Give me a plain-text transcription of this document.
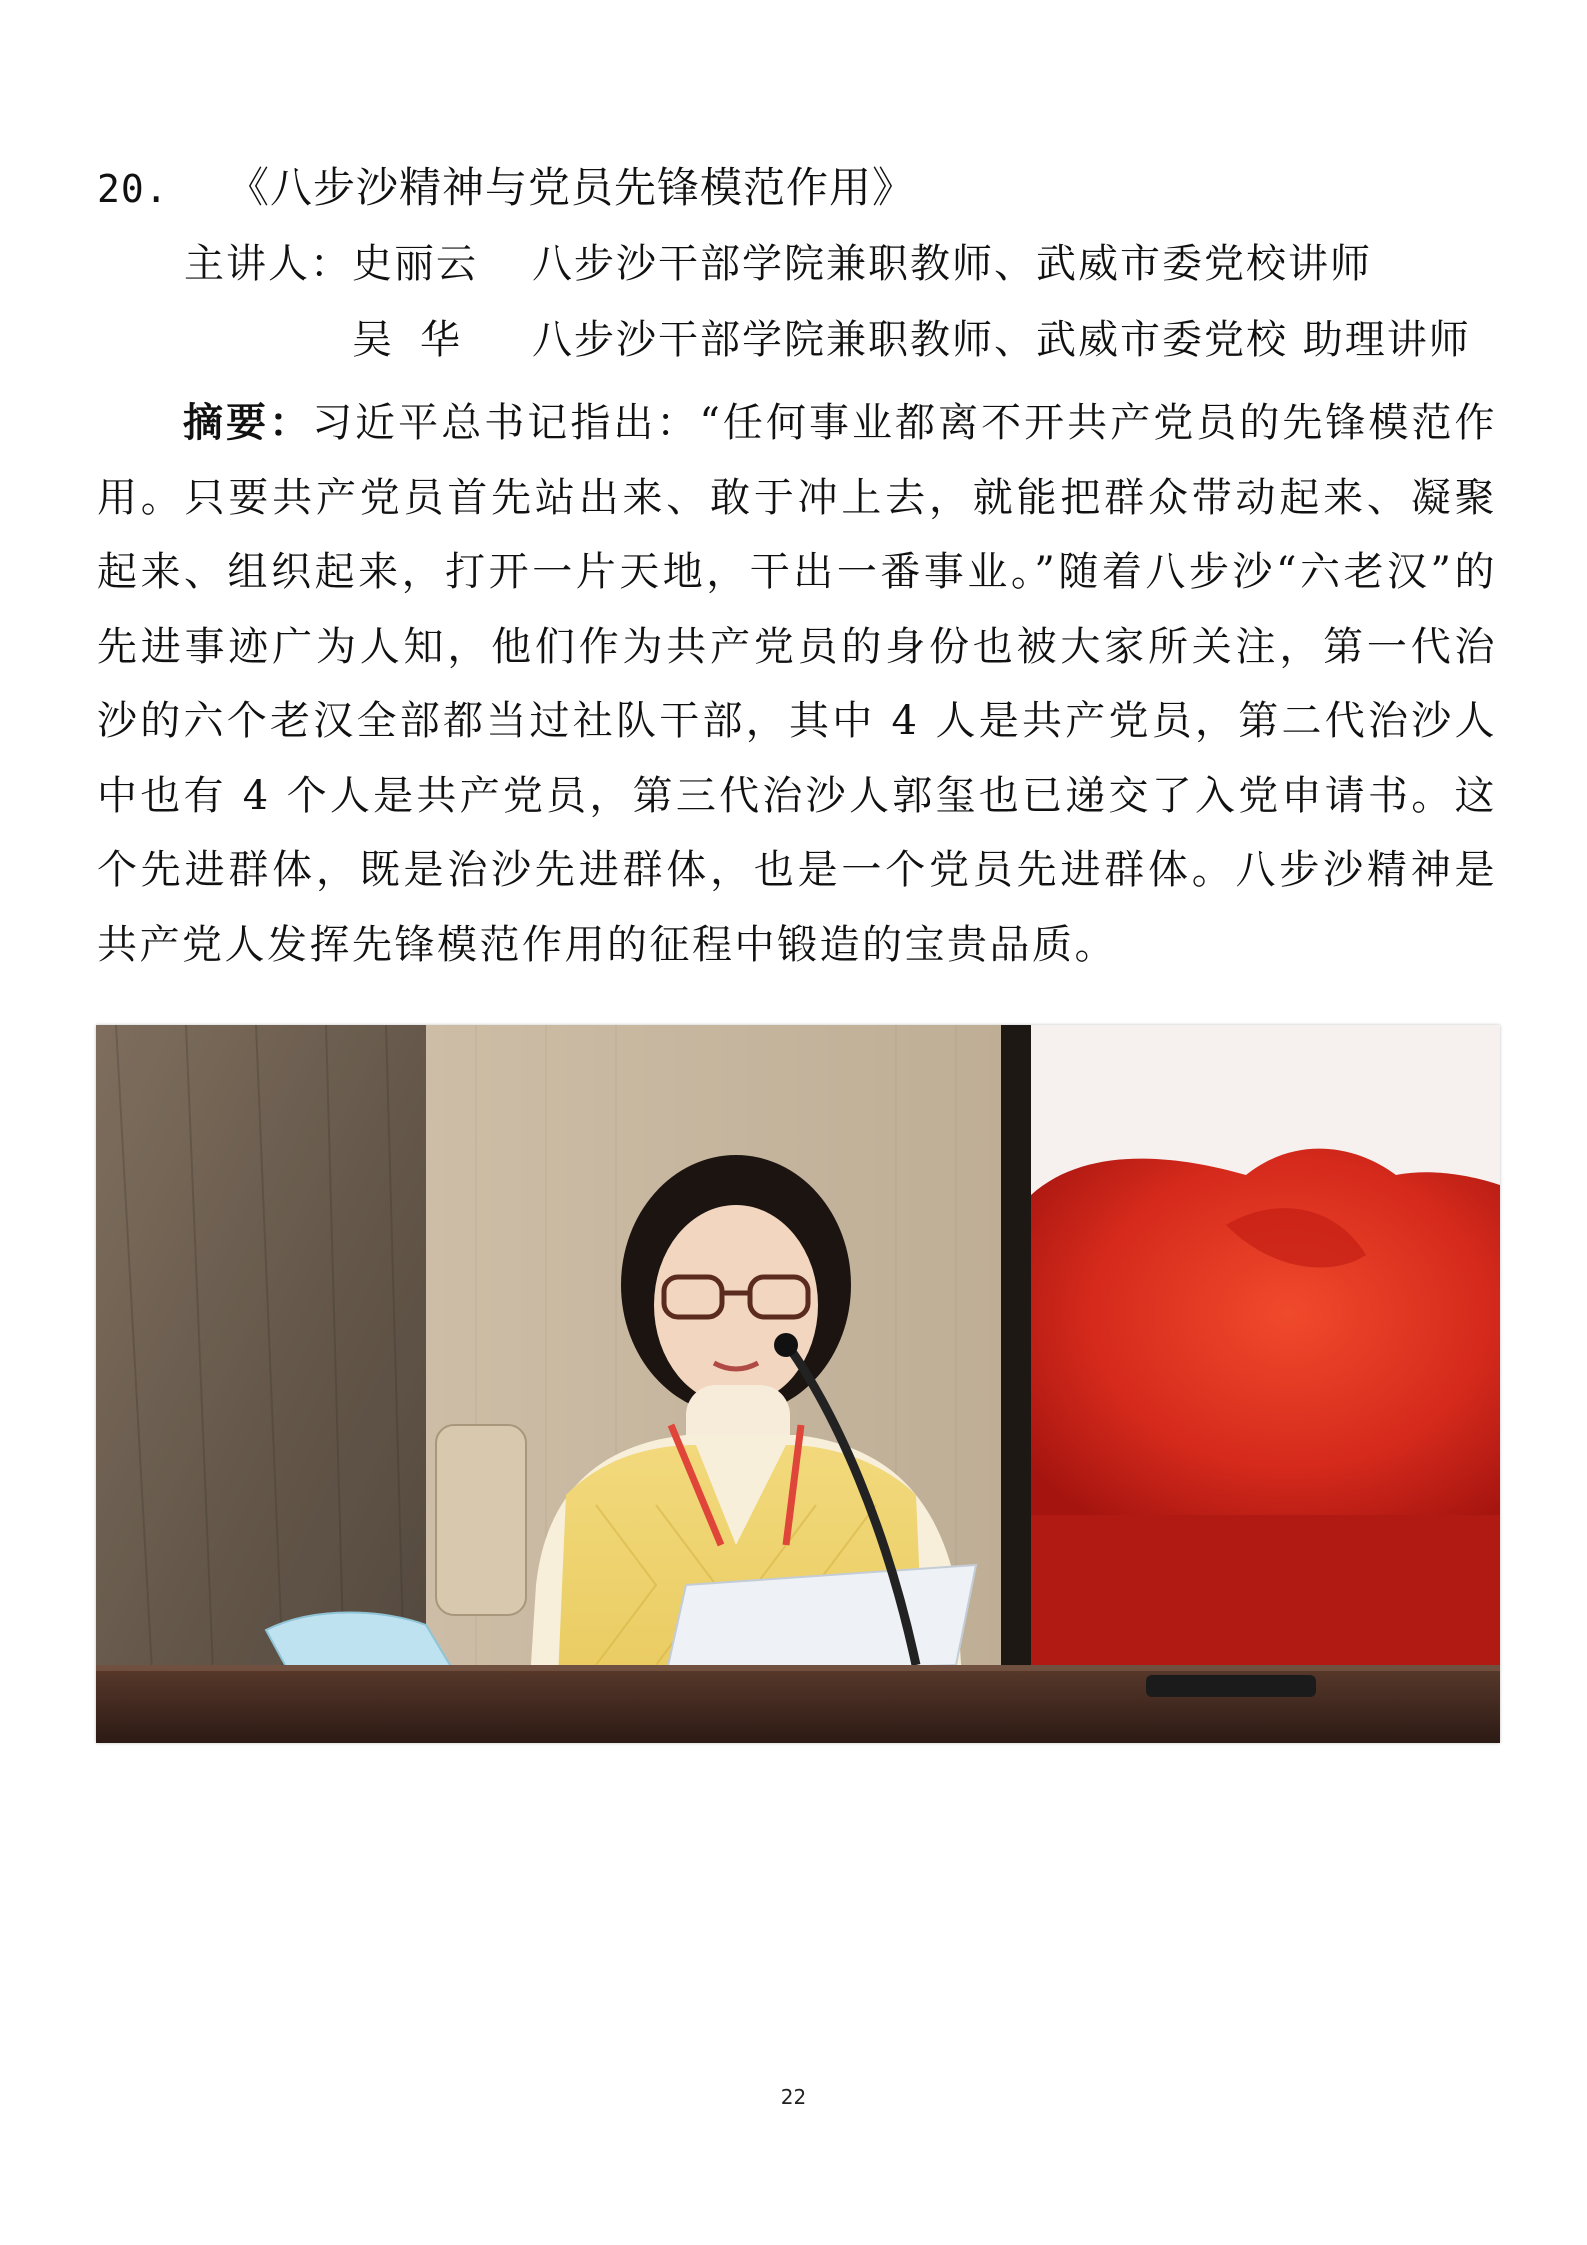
20. 《八步沙精神与党员先锋模范作用》
主讲人：史丽云 八步沙干部学院兼职教师、武威市委党校讲师
吴华 八步沙干部学院兼职教师、武威市委党校 助理讲师
摘要：习近平总书记指出：“任何事业都离不开共产党员的先锋模范作用。只要共产党员首先站出来、敢于冲上去，就能把群众带动起来、凝聚起来、组织起来，打开一片天地，干出一番事业。”随着八步沙“六老汉”的先进事迹广为人知，他们作为共产党员的身份也被大家所关注，第一代治沙的六个老汉全部都当过社队干部，其中 4 人是共产党员，第二代治沙人中也有 4 个人是共产党员，第三代治沙人郭玺也已递交了入党申请书。这个先进群体，既是治沙先进群体，也是一个党员先进群体。八步沙精神是共产党人发挥先锋模范作用的征程中锻造的宝贵品质。
22
